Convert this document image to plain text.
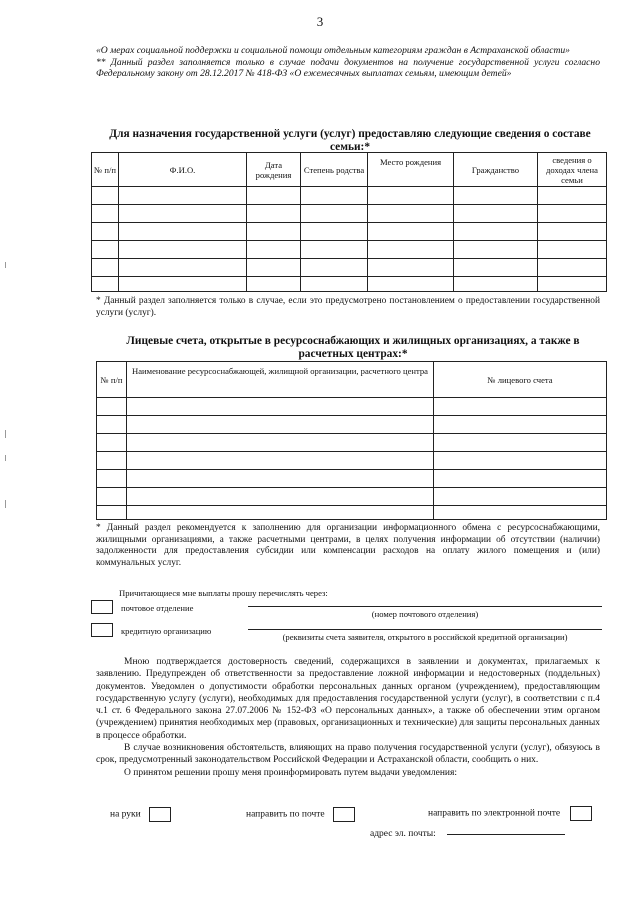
3

«О мерах социальной поддержки и социальной помощи отдельным категориям граждан в Астраханской области»

** Данный раздел заполняется только в случае подачи документов на получение государственной услуги согласно Федеральному закону от 28.12.2017 № 418-ФЗ «О ежемесячных выплатах семьям, имеющим детей»

Для назначения государственной услуги (услуг) предоставляю следующие сведения о составе семьи:*
№ п/п	Ф.И.О.	Дата рождения	Степень родства	Место рождения	Гражданство	сведения о доходах члена семьи

* Данный раздел заполняется только в случае, если это предусмотрено постановлением о предоставлении государственной услуги (услуг).
Лицевые счета, открытые в ресурсоснабжающих и жилищных организациях, а также в расчетных центрах:*
№ п/п	Наименование ресурсоснабжающей, жилищной организации, расчетного центра	№ лицевого счета

* Данный раздел рекомендуется к заполнению для организации информационного обмена с ресурсоснабжающими, жилищными организациями, а также расчетными центрами, в целях получения информации об отсутствии (наличии) задолженности для предоставления субсидии или компенсации расходов на оплату жилого помещения и (или) коммунальных услуг.
Причитающиеся мне выплаты прошу перечислять через:
почтовое отделение
(номер почтового отделения)
кредитную организацию
(реквизиты счета заявителя, открытого в российской кредитной организации)

Мною подтверждается достоверность сведений, содержащихся в заявлении и документах, прилагаемых к заявлению. Предупрежден об ответственности за предоставление ложной информации и недостоверных (поддельных) документов. Уведомлен о допустимости обработки персональных данных органом (учреждением), предоставляющим государственную услугу (услуги), необходимых для предоставления государственной услуги (услуг), в соответствии с п.4 ч.1 ст. 6 Федерального закона 27.07.2006 № 152-ФЗ «О персональных данных», а также об обеспечении этим органом (учреждением) принятия необходимых мер (правовых, организационных и технические) для защиты персональных данных в процессе обработки.

В случае возникновения обстоятельств, влияющих на право получения государственной услуги (услуг), обязуюсь в срок, предусмотренный законодательством Российской Федерации и Астраханской области, сообщить о них.

О принятом решении прошу меня проинформировать путем выдачи уведомления:

на руки	направить по почте	направить по электронной почте
адрес эл. почты:
